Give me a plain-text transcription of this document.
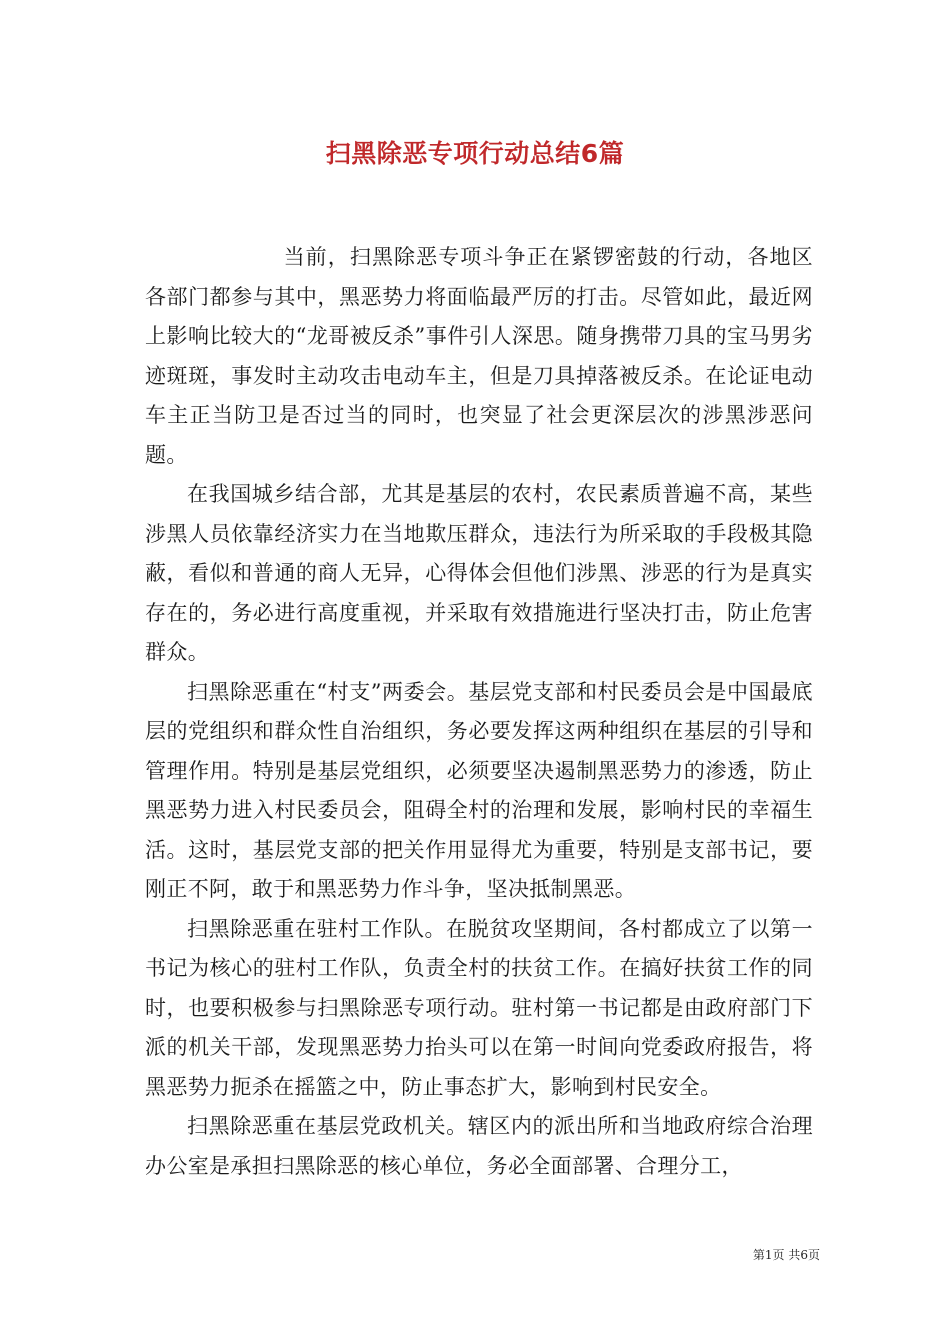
扫黑除恶专项行动总结6篇

当前，扫黑除恶专项斗争正在紧锣密鼓的行动，各地区各部门都参与其中，黑恶势力将面临最严厉的打击。尽管如此，最近网上影响比较大的“龙哥被反杀”事件引人深思。随身携带刀具的宝马男劣迹斑斑，事发时主动攻击电动车主，但是刀具掉落被反杀。在论证电动车主正当防卫是否过当的同时，也突显了社会更深层次的涉黑涉恶问题。

在我国城乡结合部，尤其是基层的农村，农民素质普遍不高，某些涉黑人员依靠经济实力在当地欺压群众，违法行为所采取的手段极其隐蔽，看似和普通的商人无异，心得体会但他们涉黑、涉恶的行为是真实存在的，务必进行高度重视，并采取有效措施进行坚决打击，防止危害群众。

扫黑除恶重在“村支”两委会。基层党支部和村民委员会是中国最底层的党组织和群众性自治组织，务必要发挥这两种组织在基层的引导和管理作用。特别是基层党组织，必须要坚决遏制黑恶势力的渗透，防止黑恶势力进入村民委员会，阻碍全村的治理和发展，影响村民的幸福生活。这时，基层党支部的把关作用显得尤为重要，特别是支部书记，要刚正不阿，敢于和黑恶势力作斗争，坚决抵制黑恶。

扫黑除恶重在驻村工作队。在脱贫攻坚期间，各村都成立了以第一书记为核心的驻村工作队，负责全村的扶贫工作。在搞好扶贫工作的同时，也要积极参与扫黑除恶专项行动。驻村第一书记都是由政府部门下派的机关干部，发现黑恶势力抬头可以在第一时间向党委政府报告，将黑恶势力扼杀在摇篮之中，防止事态扩大，影响到村民安全。

扫黑除恶重在基层党政机关。辖区内的派出所和当地政府综合治理办公室是承担扫黑除恶的核心单位，务必全面部署、合理分工，

第1页 共6页
